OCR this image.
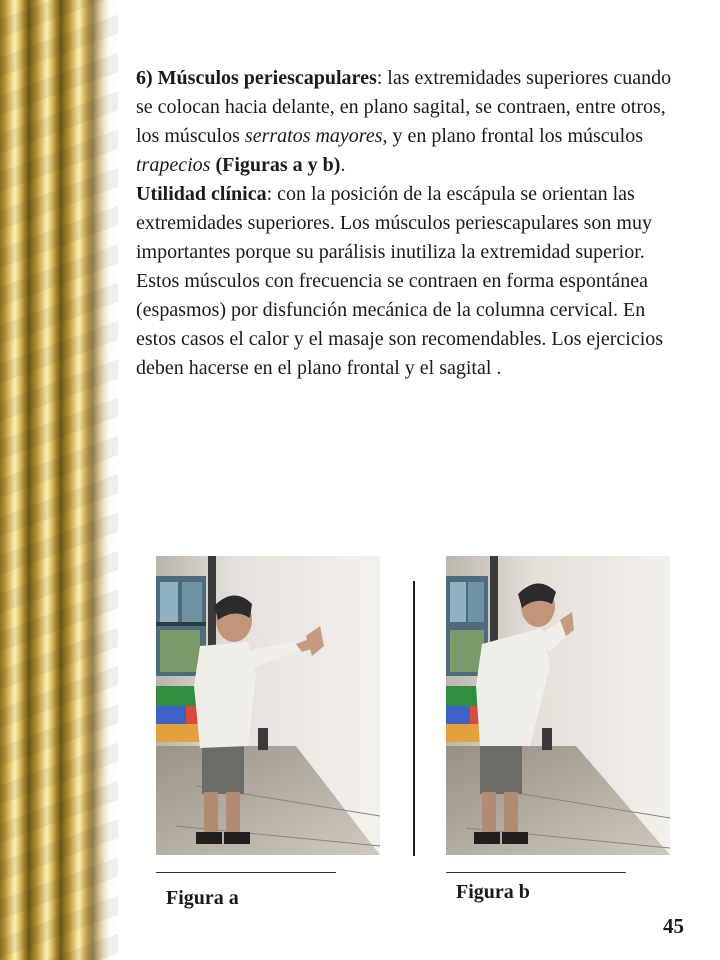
6) Músculos periescapulares: las extremidades superiores cuando se colocan hacia delante, en plano sagital, se contraen, entre otros, los músculos serratos mayores, y en plano frontal los músculos trapecios (Figuras a y b).

Utilidad clínica: con la posición de la escápula se orientan las extremidades superiores. Los músculos periescapulares son muy importantes porque su parálisis inutiliza la extremidad superior. Estos músculos con frecuencia se contraen en forma espontánea (espasmos) por disfunción mecánica de la columna cervical. En estos casos el calor y el masaje son recomendables. Los ejercicios deben hacerse en el plano frontal y el sagital .

Figura a	Figura b
45
